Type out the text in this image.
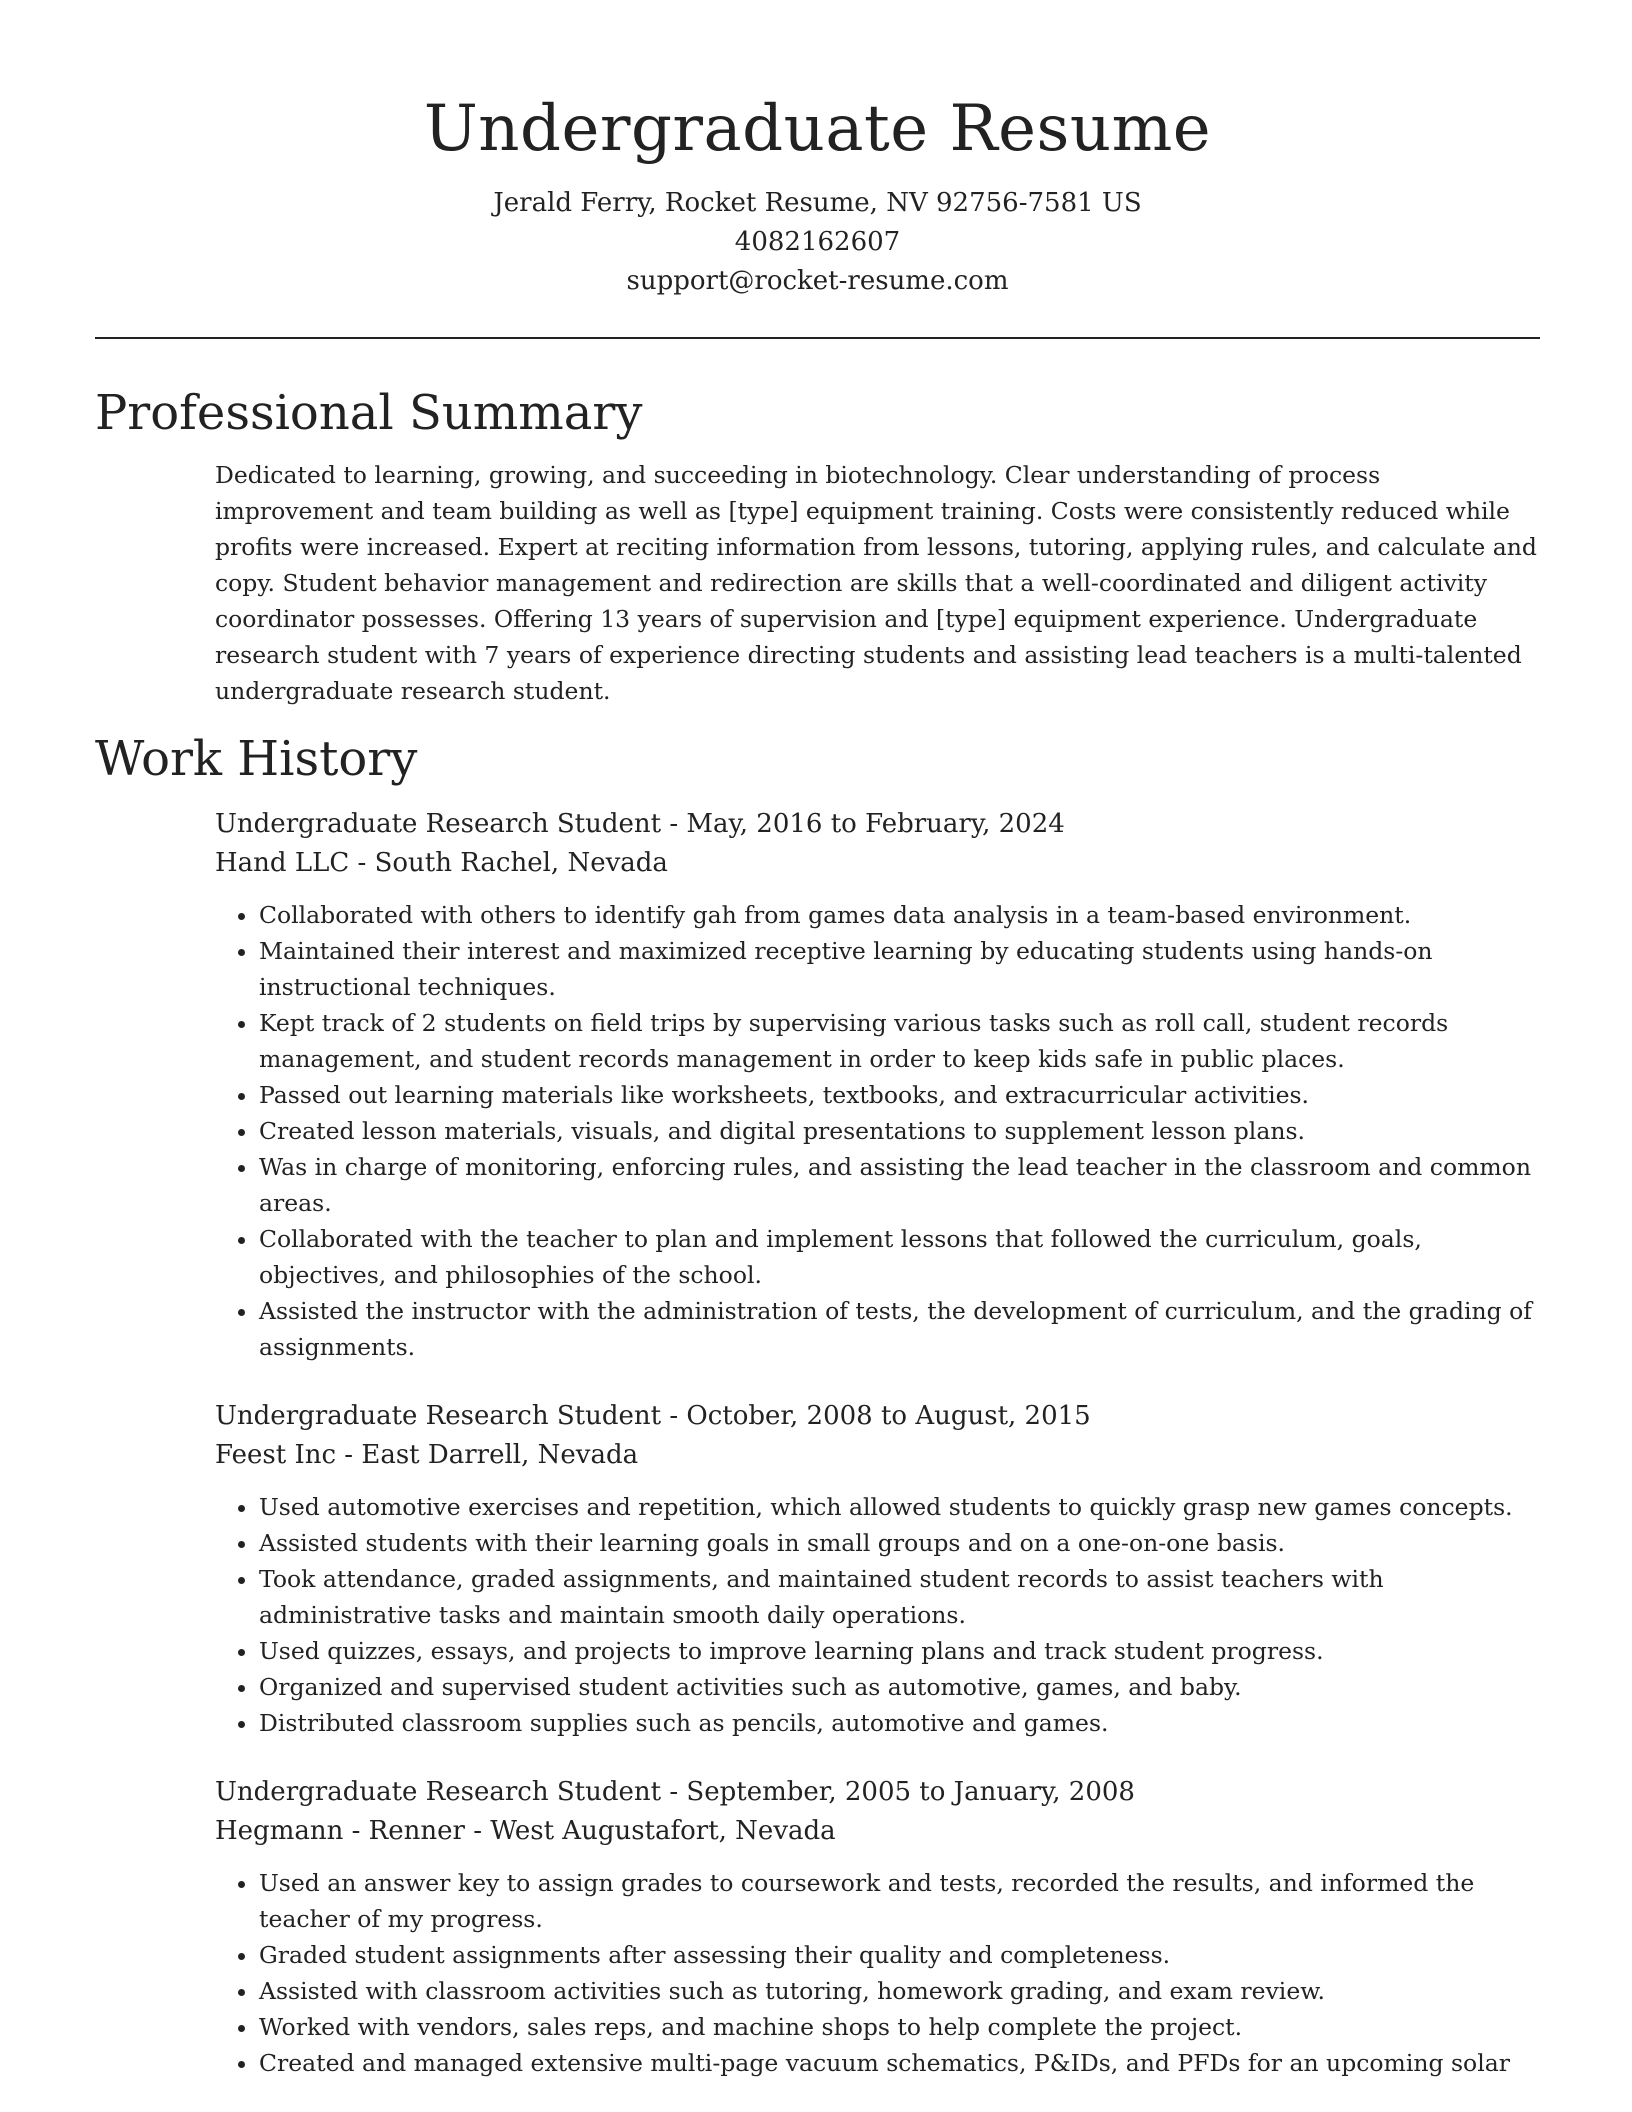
Undergraduate Resume

Jerald Ferry, Rocket Resume, NV 92756-7581 US

4082162607

support@rocket-resume.com

Professional Summary

Dedicated to learning, growing, and succeeding in biotechnology. Clear understanding of process improvement and team building as well as [type] equipment training. Costs were consistently reduced while profits were increased. Expert at reciting information from lessons, tutoring, applying rules, and calculate and copy. Student behavior management and redirection are skills that a well-coordinated and diligent activity coordinator possesses. Offering 13 years of supervision and [type] equipment experience. Undergraduate research student with 7 years of experience directing students and assisting lead teachers is a multi-talented undergraduate research student.

Work History

Undergraduate Research Student - May, 2016 to February, 2024

Hand LLC - South Rachel, Nevada

• Collaborated with others to identify gah from games data analysis in a team-based environment.
• Maintained their interest and maximized receptive learning by educating students using hands-on instructional techniques.
• Kept track of 2 students on field trips by supervising various tasks such as roll call, student records management, and student records management in order to keep kids safe in public places.
• Passed out learning materials like worksheets, textbooks, and extracurricular activities.
• Created lesson materials, visuals, and digital presentations to supplement lesson plans.
• Was in charge of monitoring, enforcing rules, and assisting the lead teacher in the classroom and common areas.
• Collaborated with the teacher to plan and implement lessons that followed the curriculum, goals, objectives, and philosophies of the school.
• Assisted the instructor with the administration of tests, the development of curriculum, and the grading of assignments.

Undergraduate Research Student - October, 2008 to August, 2015

Feest Inc - East Darrell, Nevada

• Used automotive exercises and repetition, which allowed students to quickly grasp new games concepts.
• Assisted students with their learning goals in small groups and on a one-on-one basis.
• Took attendance, graded assignments, and maintained student records to assist teachers with administrative tasks and maintain smooth daily operations.
• Used quizzes, essays, and projects to improve learning plans and track student progress.
• Organized and supervised student activities such as automotive, games, and baby.
• Distributed classroom supplies such as pencils, automotive and games.

Undergraduate Research Student - September, 2005 to January, 2008

Hegmann - Renner - West Augustafort, Nevada

• Used an answer key to assign grades to coursework and tests, recorded the results, and informed the teacher of my progress.
• Graded student assignments after assessing their quality and completeness.
• Assisted with classroom activities such as tutoring, homework grading, and exam review.
• Worked with vendors, sales reps, and machine shops to help complete the project.
• Created and managed extensive multi-page vacuum schematics, P&IDs, and PFDs for an upcoming solar
